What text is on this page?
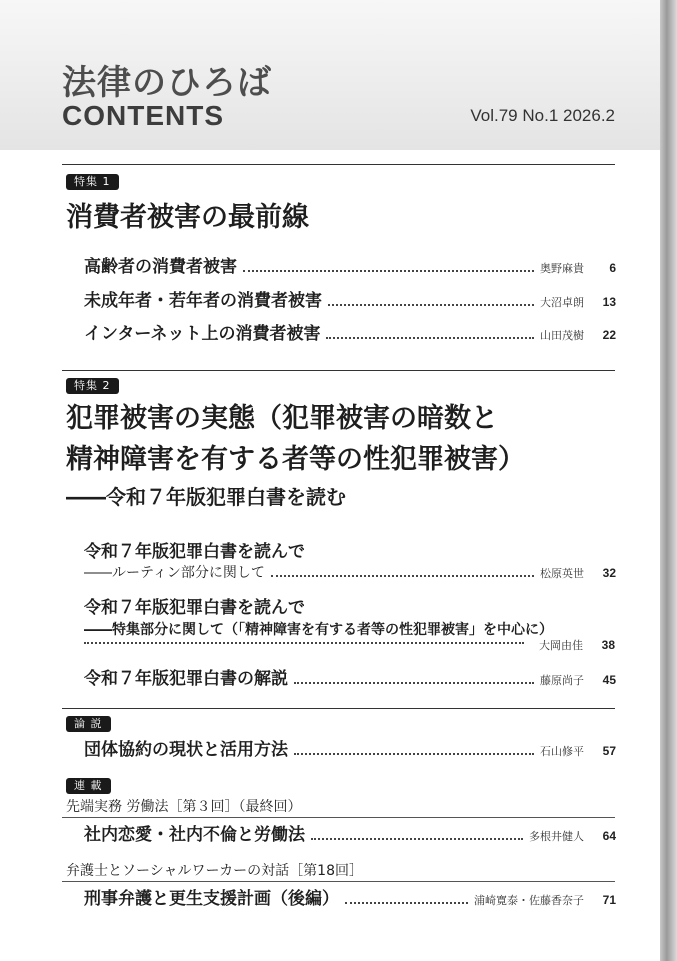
法律のひろば
CONTENTS	Vol.79 No.1 2026.2
特集 1
消費者被害の最前線
高齢者の消費者被害	奥野麻貴	6
未成年者・若年者の消費者被害	大沼卓朗	13
インターネット上の消費者被害	山田茂樹	22
特集 2
犯罪被害の実態（犯罪被害の暗数と
精神障害を有する者等の性犯罪被害）
――令和７年版犯罪白書を読む
令和７年版犯罪白書を読んで
――ルーティン部分に関して	松原英世	32
令和７年版犯罪白書を読んで
――特集部分に関して（「精神障害を有する者等の性犯罪被害」を中心に）
大岡由佳	38
令和７年版犯罪白書の解説	藤原尚子	45
論 説
団体協約の現状と活用方法	石山修平	57
連 載
先端実務 労働法［第３回］（最終回）
社内恋愛・社内不倫と労働法	多根井健人	64
弁護士とソーシャルワーカーの対話［第18回］
刑事弁護と更生支援計画（後編）	浦崎寛泰・佐藤香奈子	71
